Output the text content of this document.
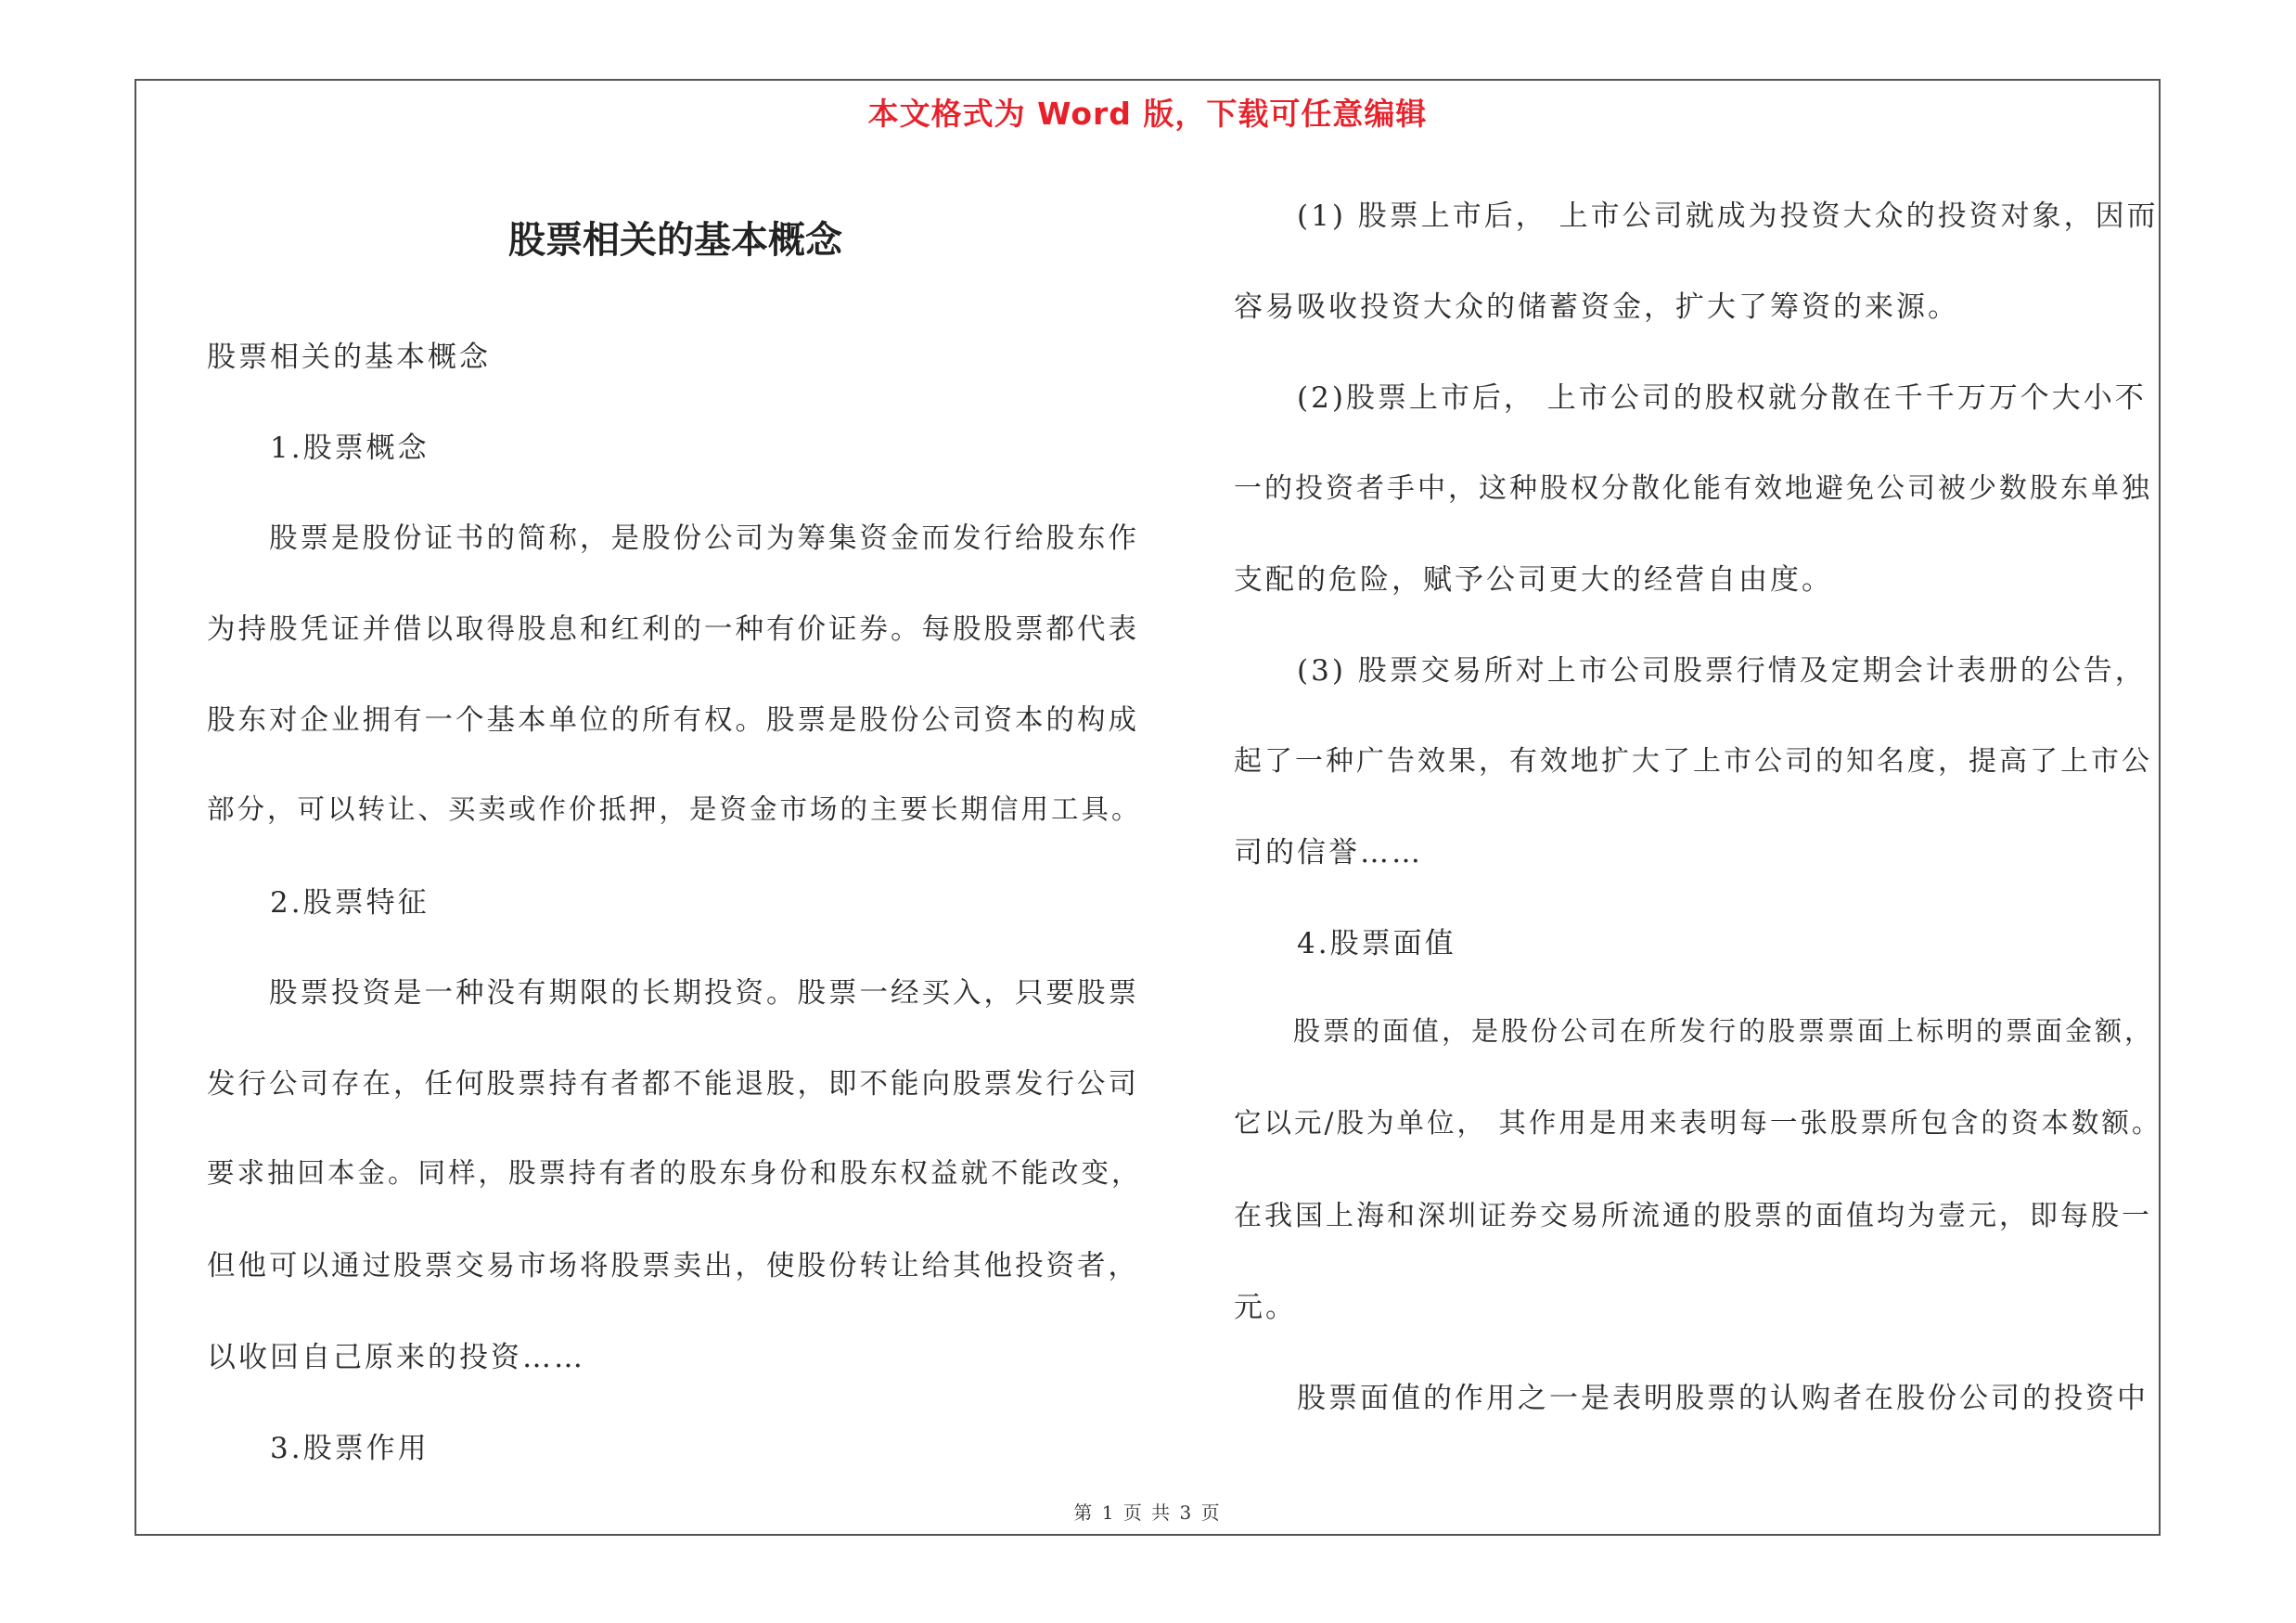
本文格式为 Word 版，下载可任意编辑
股票相关的基本概念
股票相关的基本概念
　　1.股票概念
　　股票是股份证书的简称，是股份公司为筹集资金而发行给股东作
为持股凭证并借以取得股息和红利的一种有价证券。每股股票都代表
股东对企业拥有一个基本单位的所有权。股票是股份公司资本的构成
部分，可以转让、买卖或作价抵押，是资金市场的主要长期信用工具。
　　2.股票特征
　　股票投资是一种没有期限的长期投资。股票一经买入，只要股票
发行公司存在，任何股票持有者都不能退股，即不能向股票发行公司
要求抽回本金。同样，股票持有者的股东身份和股东权益就不能改变，
但他可以通过股票交易市场将股票卖出，使股份转让给其他投资者，
以收回自己原来的投资……
　　3.股票作用
　　(1) 股票上市后， 上市公司就成为投资大众的投资对象，因而
容易吸收投资大众的储蓄资金，扩大了筹资的来源。
　　(2)股票上市后， 上市公司的股权就分散在千千万万个大小不
一的投资者手中，这种股权分散化能有效地避免公司被少数股东单独
支配的危险，赋予公司更大的经营自由度。
　　(3) 股票交易所对上市公司股票行情及定期会计表册的公告，
起了一种广告效果，有效地扩大了上市公司的知名度，提高了上市公
司的信誉……
　　4.股票面值
　　股票的面值，是股份公司在所发行的股票票面上标明的票面金额，
它以元/股为单位， 其作用是用来表明每一张股票所包含的资本数额。
在我国上海和深圳证券交易所流通的股票的面值均为壹元，即每股一
元。
　　股票面值的作用之一是表明股票的认购者在股份公司的投资中
第 1 页 共 3 页
